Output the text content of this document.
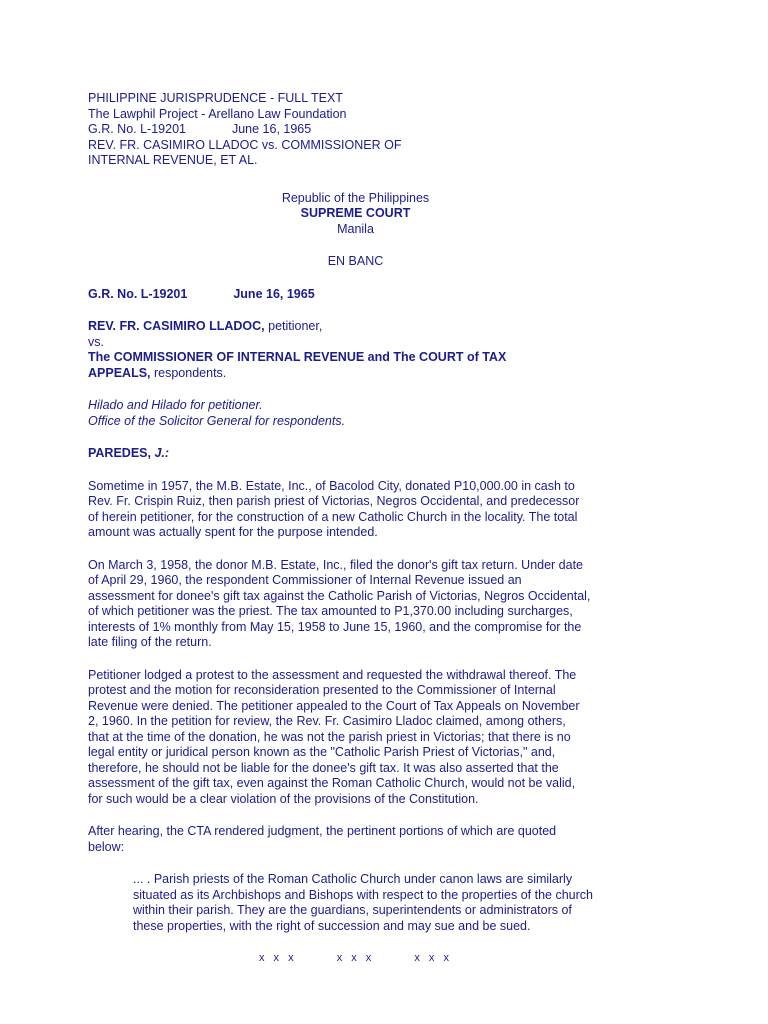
PHILIPPINE JURISPRUDENCE - FULL TEXT
The Lawphil Project - Arellano Law Foundation
G.R. No. L-19201	June 16, 1965
REV. FR. CASIMIRO LLADOC vs. COMMISSIONER OF
INTERNAL REVENUE, ET AL.
Republic of the Philippines
SUPREME COURT
Manila
EN BANC
G.R. No. L-19201	June 16, 1965
REV. FR. CASIMIRO LLADOC, petitioner,
vs.
The COMMISSIONER OF INTERNAL REVENUE and The COURT of TAX
APPEALS, respondents.
Hilado and Hilado for petitioner.
Office of the Solicitor General for respondents.
PAREDES, J.:
Sometime in 1957, the M.B. Estate, Inc., of Bacolod City, donated P10,000.00 in cash to
Rev. Fr. Crispin Ruiz, then parish priest of Victorias, Negros Occidental, and predecessor
of herein petitioner, for the construction of a new Catholic Church in the locality. The total
amount was actually spent for the purpose intended.
On March 3, 1958, the donor M.B. Estate, Inc., filed the donor's gift tax return. Under date
of April 29, 1960, the respondent Commissioner of Internal Revenue issued an
assessment for donee's gift tax against the Catholic Parish of Victorias, Negros Occidental,
of which petitioner was the priest. The tax amounted to P1,370.00 including surcharges,
interests of 1% monthly from May 15, 1958 to June 15, 1960, and the compromise for the
late filing of the return.
Petitioner lodged a protest to the assessment and requested the withdrawal thereof. The
protest and the motion for reconsideration presented to the Commissioner of Internal
Revenue were denied. The petitioner appealed to the Court of Tax Appeals on November
2, 1960. In the petition for review, the Rev. Fr. Casimiro Lladoc claimed, among others,
that at the time of the donation, he was not the parish priest in Victorias; that there is no
legal entity or juridical person known as the "Catholic Parish Priest of Victorias," and,
therefore, he should not be liable for the donee's gift tax. It was also asserted that the
assessment of the gift tax, even against the Roman Catholic Church, would not be valid,
for such would be a clear violation of the provisions of the Constitution.
After hearing, the CTA rendered judgment, the pertinent portions of which are quoted
below:
... . Parish priests of the Roman Catholic Church under canon laws are similarly
situated as its Archbishops and Bishops with respect to the properties of the church
within their parish. They are the guardians, superintendents or administrators of
these properties, with the right of succession and may sue and be sued.
x x x	x x x	x x x
